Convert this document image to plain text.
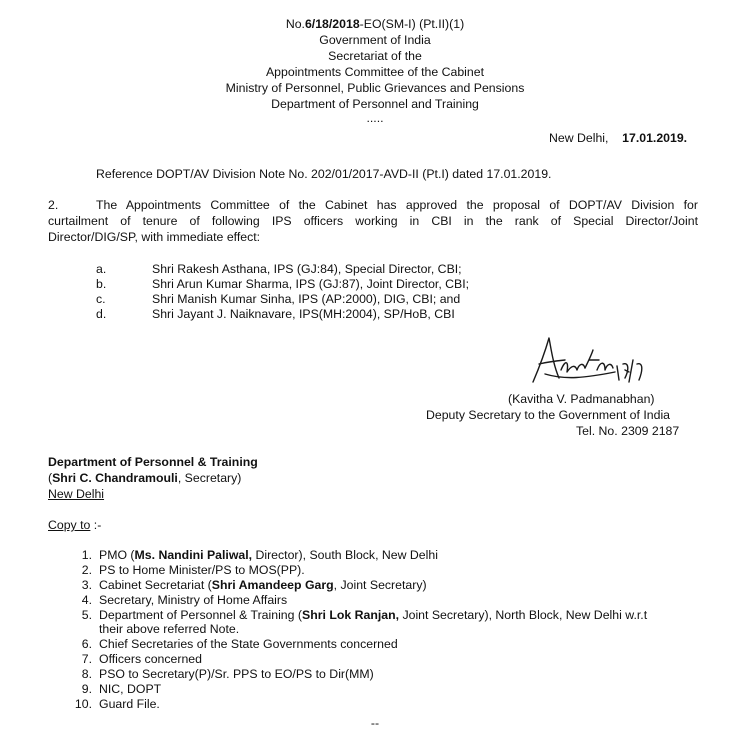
No.6/18/2018-EO(SM-I) (Pt.II)(1)
Government of India
Secretariat of the
Appointments Committee of the Cabinet
Ministry of Personnel, Public Grievances and Pensions
Department of Personnel and Training
.....
New Delhi, 17.01.2019.
Reference DOPT/AV Division Note No. 202/01/2017-AVD-II (Pt.I) dated 17.01.2019.
2.	The Appointments Committee of the Cabinet has approved the proposal of DOPT/AV Division for
curtailment of tenure of following IPS officers working in CBI in the rank of Special Director/Joint
Director/DIG/SP, with immediate effect:
a.	Shri Rakesh Asthana, IPS (GJ:84), Special Director, CBI;
b.	Shri Arun Kumar Sharma, IPS (GJ:87), Joint Director, CBI;
c.	Shri Manish Kumar Sinha, IPS (AP:2000), DIG, CBI; and
d.	Shri Jayant J. Naiknavare, IPS(MH:2004), SP/HoB, CBI
(Kavitha V. Padmanabhan)
Deputy Secretary to the Government of India
Tel. No. 2309 2187
Department of Personnel & Training
(Shri C. Chandramouli, Secretary)
New Delhi
Copy to :-
1. PMO (Ms. Nandini Paliwal, Director), South Block, New Delhi
2. PS to Home Minister/PS to MOS(PP).
3. Cabinet Secretariat (Shri Amandeep Garg, Joint Secretary)
4. Secretary, Ministry of Home Affairs
5. Department of Personnel & Training (Shri Lok Ranjan, Joint Secretary), North Block, New Delhi w.r.t
their above referred Note.
6. Chief Secretaries of the State Governments concerned
7. Officers concerned
8. PSO to Secretary(P)/Sr. PPS to EO/PS to Dir(MM)
9. NIC, DOPT
10. Guard File.
--
